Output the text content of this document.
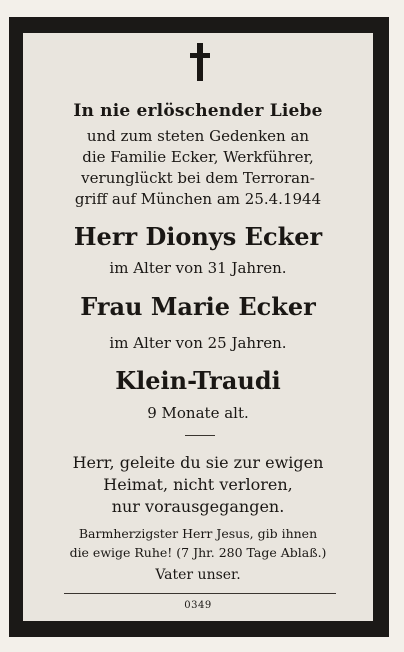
In nie erlöschender Liebe
und zum steten Gedenken an
die Familie Ecker, Werkführer,
verunglückt bei dem Terroran-
griff auf München am 25.4.1944
Herr Dionys Ecker
im Alter von 31 Jahren.
Frau Marie Ecker
im Alter von 25 Jahren.
Klein-Traudi
9 Monate alt.
Herr, geleite du sie zur ewigen
Heimat, nicht verloren,
nur vorausgegangen.
Barmherzigster Herr Jesus, gib ihnen
die ewige Ruhe! (7 Jhr. 280 Tage Ablaß.)
Vater unser.
0349
